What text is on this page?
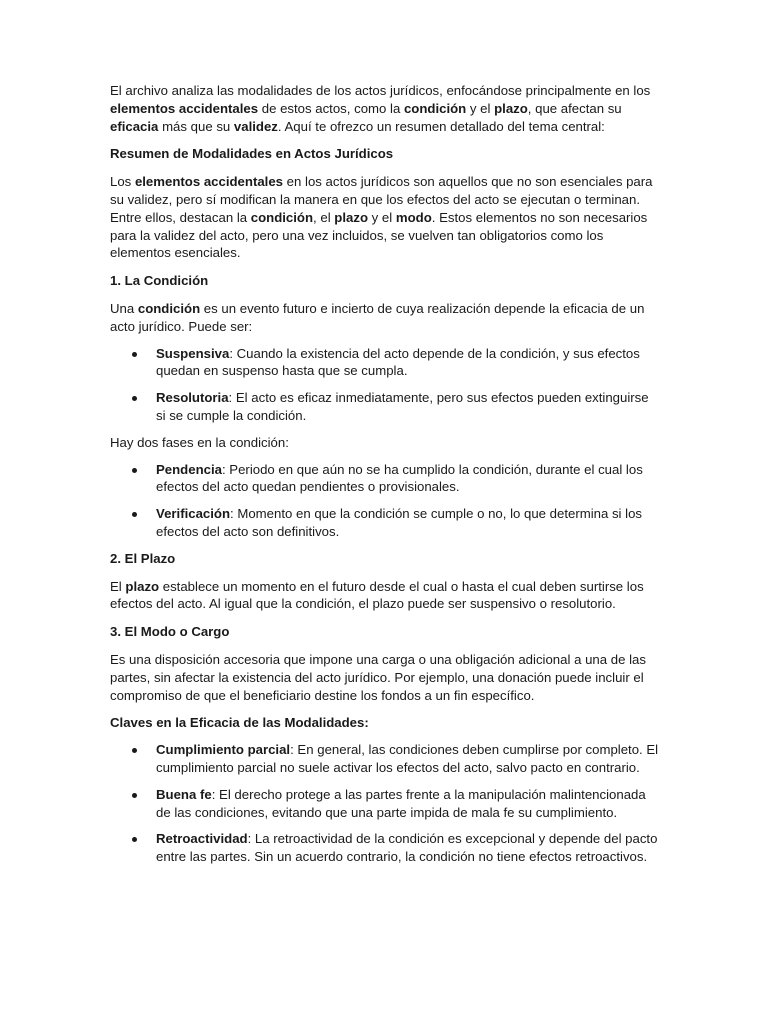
El archivo analiza las modalidades de los actos jurídicos, enfocándose principalmente en los elementos accidentales de estos actos, como la condición y el plazo, que afectan su eficacia más que su validez. Aquí te ofrezco un resumen detallado del tema central:

Resumen de Modalidades en Actos Jurídicos

Los elementos accidentales en los actos jurídicos son aquellos que no son esenciales para su validez, pero sí modifican la manera en que los efectos del acto se ejecutan o terminan. Entre ellos, destacan la condición, el plazo y el modo. Estos elementos no son necesarios para la validez del acto, pero una vez incluidos, se vuelven tan obligatorios como los elementos esenciales.

1. La Condición

Una condición es un evento futuro e incierto de cuya realización depende la eficacia de un acto jurídico. Puede ser:

Suspensiva: Cuando la existencia del acto depende de la condición, y sus efectos quedan en suspenso hasta que se cumpla.
Resolutoria: El acto es eficaz inmediatamente, pero sus efectos pueden extinguirse si se cumple la condición.

Hay dos fases en la condición:

Pendencia: Periodo en que aún no se ha cumplido la condición, durante el cual los efectos del acto quedan pendientes o provisionales.
Verificación: Momento en que la condición se cumple o no, lo que determina si los efectos del acto son definitivos.

2. El Plazo

El plazo establece un momento en el futuro desde el cual o hasta el cual deben surtirse los efectos del acto. Al igual que la condición, el plazo puede ser suspensivo o resolutorio.

3. El Modo o Cargo

Es una disposición accesoria que impone una carga o una obligación adicional a una de las partes, sin afectar la existencia del acto jurídico. Por ejemplo, una donación puede incluir el compromiso de que el beneficiario destine los fondos a un fin específico.

Claves en la Eficacia de las Modalidades:

Cumplimiento parcial: En general, las condiciones deben cumplirse por completo. El cumplimiento parcial no suele activar los efectos del acto, salvo pacto en contrario.
Buena fe: El derecho protege a las partes frente a la manipulación malintencionada de las condiciones, evitando que una parte impida de mala fe su cumplimiento.
Retroactividad: La retroactividad de la condición es excepcional y depende del pacto entre las partes. Sin un acuerdo contrario, la condición no tiene efectos retroactivos.
